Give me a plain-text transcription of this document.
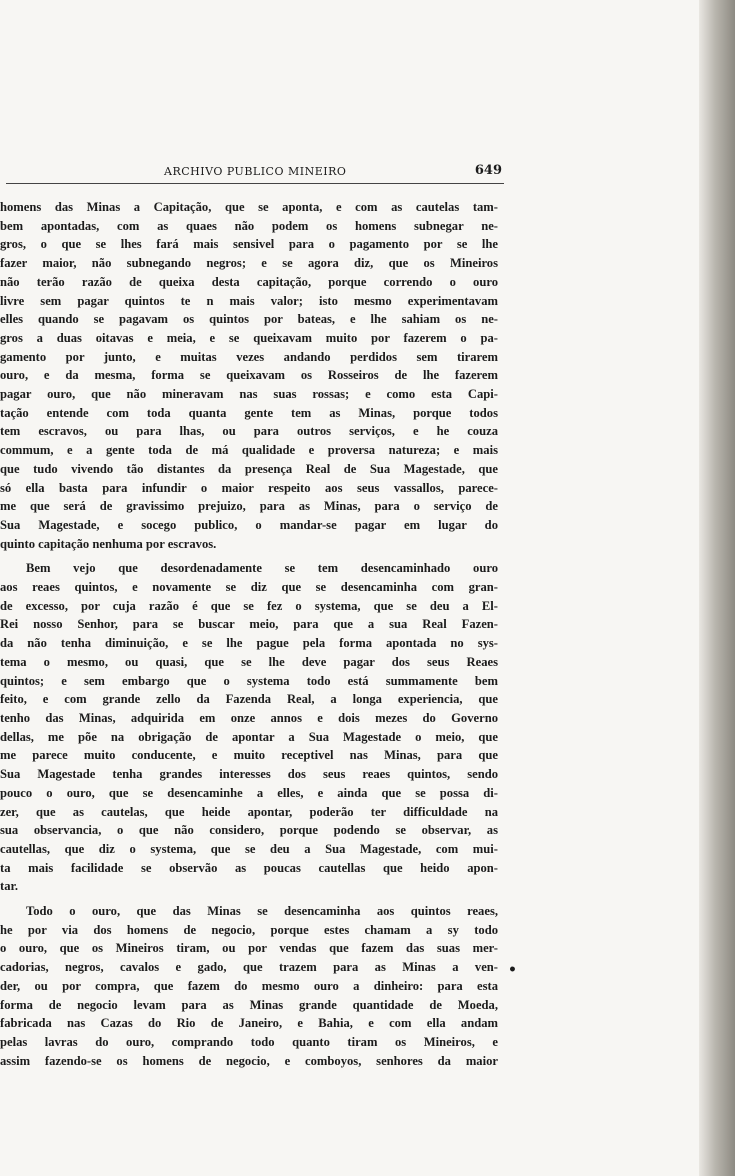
ARCHIVO PUBLICO MINEIRO	649
homens das Minas a Capitação, que se aponta, e com as cautelas tam-
bem apontadas, com as quaes não podem os homens subnegar ne-
gros, o que se lhes fará mais sensivel para o pagamento por se lhe
fazer maior, não subnegando negros; e se agora diz, que os Mineiros
não terão razão de queixa desta capitação, porque correndo o ouro
livre sem pagar quintos te n mais valor; isto mesmo experimentavam
elles quando se pagavam os quintos por bateas, e lhe sahiam os ne-
gros a duas oitavas e meia, e se queixavam muito por fazerem o pa-
gamento por junto, e muitas vezes andando perdidos sem tirarem
ouro, e da mesma, forma se queixavam os Rosseiros de lhe fazerem
pagar ouro, que não mineravam nas suas rossas; e como esta Capi-
tação entende com toda quanta gente tem as Minas, porque todos
tem escravos, ou para lhas, ou para outros serviços, e he couza
commum, e a gente toda de má qualidade e proversa natureza; e mais
que tudo vivendo tão distantes da presença Real de Sua Magestade, que
só ella basta para infundir o maior respeito aos seus vassallos, parece-
me que será de gravissimo prejuizo, para as Minas, para o serviço de
Sua Magestade, e socego publico, o mandar-se pagar em lugar do
quinto capitação nenhuma por escravos.
Bem vejo que desordenadamente se tem desencaminhado ouro
aos reaes quintos, e novamente se diz que se desencaminha com gran-
de excesso, por cuja razão é que se fez o systema, que se deu a El-
Rei nosso Senhor, para se buscar meio, para que a sua Real Fazen-
da não tenha diminuição, e se lhe pague pela forma apontada no sys-
tema o mesmo, ou quasi, que se lhe deve pagar dos seus Reaes
quintos; e sem embargo que o systema todo está summamente bem
feito, e com grande zello da Fazenda Real, a longa experiencia, que
tenho das Minas, adquirida em onze annos e dois mezes do Governo
dellas, me põe na obrigação de apontar a Sua Magestade o meio, que
me parece muito conducente, e muito receptivel nas Minas, para que
Sua Magestade tenha grandes interesses dos seus reaes quintos, sendo
pouco o ouro, que se desencaminhe a elles, e ainda que se possa di-
zer, que as cautelas, que heide apontar, poderão ter difficuldade na
sua observancia, o que não considero, porque podendo se observar, as
cautellas, que diz o systema, que se deu a Sua Magestade, com mui-
ta mais facilidade se observão as poucas cautellas que heido apon-
tar.
Todo o ouro, que das Minas se desencaminha aos quintos reaes,
he por via dos homens de negocio, porque estes chamam a sy todo
o ouro, que os Mineiros tiram, ou por vendas que fazem das suas mer-
cadorias, negros, cavalos e gado, que trazem para as Minas a ven-
der, ou por compra, que fazem do mesmo ouro a dinheiro: para esta
forma de negocio levam para as Minas grande quantidade de Moeda,
fabricada nas Cazas do Rio de Janeiro, e Bahia, e com ella andam
pelas lavras do ouro, comprando todo quanto tiram os Mineiros, e
assim fazendo-se os homens de negocio, e comboyos, senhores da maior
•
